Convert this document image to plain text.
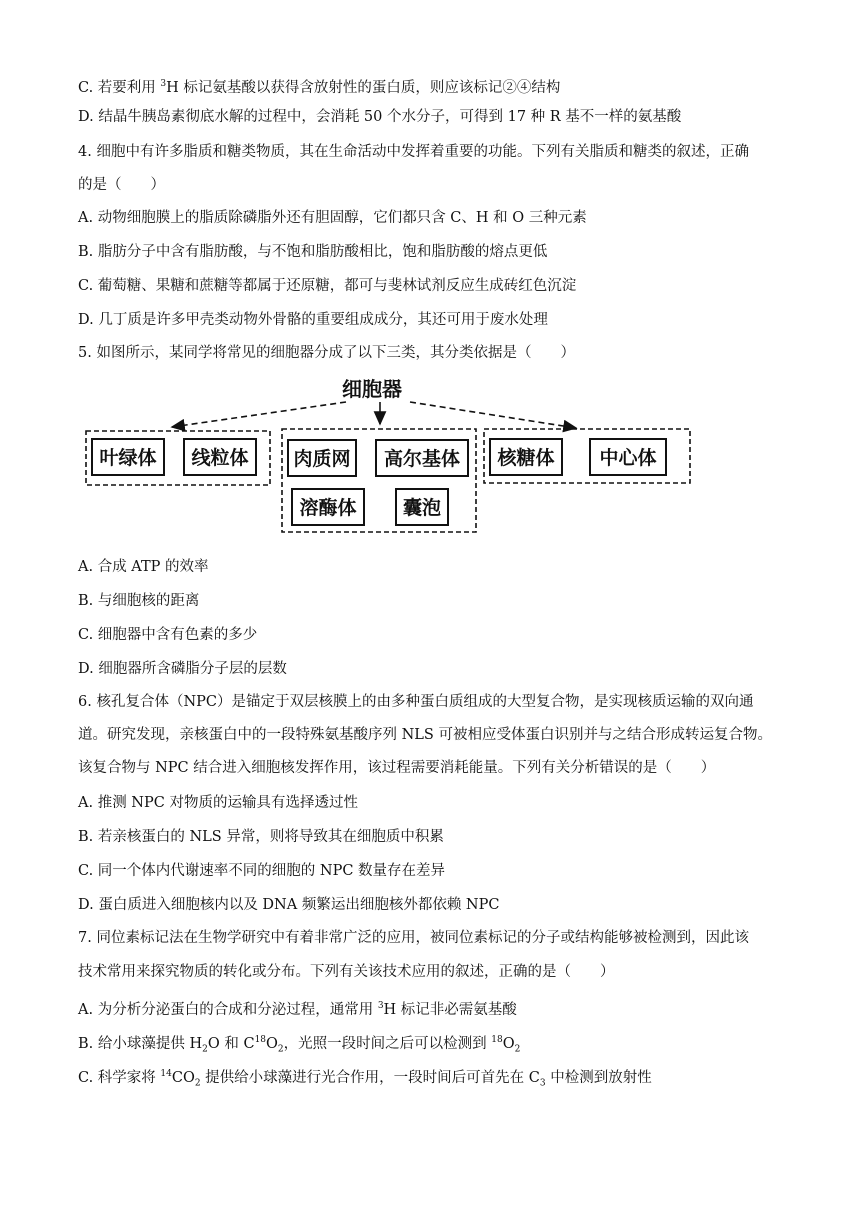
C. 若要利用 $^3$H 标记氨基酸以获得含放射性的蛋白质，则应该标记②④结构
D. 结晶牛胰岛素彻底水解的过程中，会消耗 50 个水分子，可得到 17 种 R 基不一样的氨基酸
4. 细胞中有许多脂质和糖类物质，其在生命活动中发挥着重要的功能。下列有关脂质和糖类的叙述，正确
的是（　　）
A. 动物细胞膜上的脂质除磷脂外还有胆固醇，它们都只含 C、H 和 O 三种元素
B. 脂肪分子中含有脂肪酸，与不饱和脂肪酸相比，饱和脂肪酸的熔点更低
C. 葡萄糖、果糖和蔗糖等都属于还原糖，都可与斐林试剂反应生成砖红色沉淀
D. 几丁质是许多甲壳类动物外骨骼的重要组成成分，其还可用于废水处理
5. 如图所示，某同学将常见的细胞器分成了以下三类，其分类依据是（　　）
细胞器
叶绿体 线粒体 肉质网 高尔基体
溶酶体 囊泡
核糖体 中心体
A. 合成 ATP 的效率
B. 与细胞核的距离
C. 细胞器中含有色素的多少
D. 细胞器所含磷脂分子层的层数
6. 核孔复合体（NPC）是锚定于双层核膜上的由多种蛋白质组成的大型复合物，是实现核质运输的双向通
道。研究发现，亲核蛋白中的一段特殊氨基酸序列 NLS 可被相应受体蛋白识别并与之结合形成转运复合物。
该复合物与 NPC 结合进入细胞核发挥作用，该过程需要消耗能量。下列有关分析错误的是（　　）
A. 推测 NPC 对物质的运输具有选择透过性
B. 若亲核蛋白的 NLS 异常，则将导致其在细胞质中积累
C. 同一个体内代谢速率不同的细胞的 NPC 数量存在差异
D. 蛋白质进入细胞核内以及 DNA 频繁运出细胞核外都依赖 NPC
7. 同位素标记法在生物学研究中有着非常广泛的应用，被同位素标记的分子或结构能够被检测到，因此该
技术常用来探究物质的转化或分布。下列有关该技术应用的叙述，正确的是（　　）
A. 为分析分泌蛋白的合成和分泌过程，通常用 $^3$H 标记非必需氨基酸
B. 给小球藻提供 $H_2O$ 和 $C^{18}O_2$，光照一段时间之后可以检测到 $^{18}O_2$
C. 科学家将 $^{14}CO_2$ 提供给小球藻进行光合作用，一段时间后可首先在 $C_3$ 中检测到放射性
